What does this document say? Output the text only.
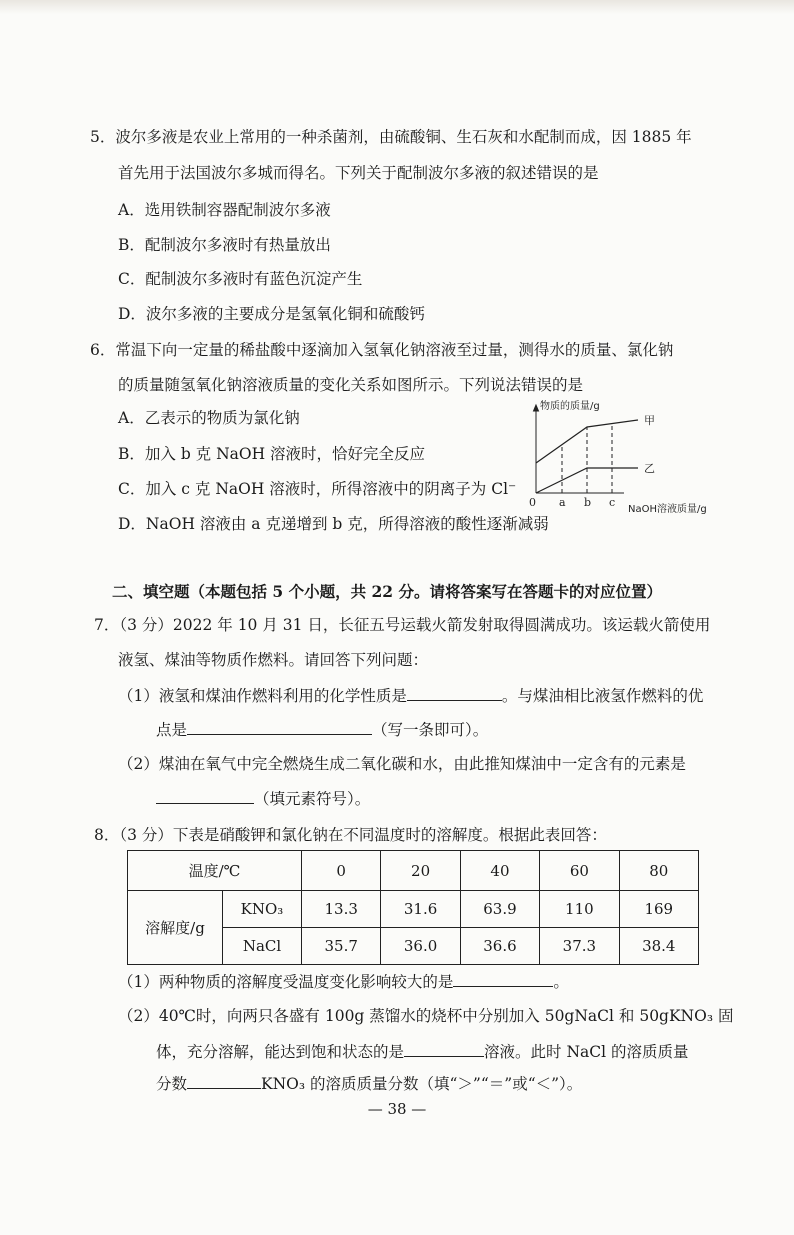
5．波尔多液是农业上常用的一种杀菌剂，由硫酸铜、生石灰和水配制而成，因 1885 年
首先用于法国波尔多城而得名。下列关于配制波尔多液的叙述错误的是
A．选用铁制容器配制波尔多液
B．配制波尔多液时有热量放出
C．配制波尔多液时有蓝色沉淀产生
D．波尔多液的主要成分是氢氧化铜和硫酸钙
6．常温下向一定量的稀盐酸中逐滴加入氢氧化钠溶液至过量，测得水的质量、氯化钠
的质量随氢氧化钠溶液质量的变化关系如图所示。下列说法错误的是
A．乙表示的物质为氯化钠
B．加入 b 克 NaOH 溶液时，恰好完全反应
C．加入 c 克 NaOH 溶液时，所得溶液中的阴离子为 Cl⁻
D．NaOH 溶液由 a 克递增到 b 克，所得溶液的酸性逐渐减弱
物质的质量/g
NaOH溶液质量/g
0 a b c
甲
乙
二、填空题（本题包括 5 个小题，共 22 分。请将答案写在答题卡的对应位置）
7．（3 分）2022 年 10 月 31 日，长征五号运载火箭发射取得圆满成功。该运载火箭使用
液氢、煤油等物质作燃料。请回答下列问题：
（1）液氢和煤油作燃料利用的化学性质是	。与煤油相比液氢作燃料的优
点是	（写一条即可）。
（2）煤油在氧气中完全燃烧生成二氧化碳和水，由此推知煤油中一定含有的元素是
（填元素符号）。
8．（3 分）下表是硝酸钾和氯化钠在不同温度时的溶解度。根据此表回答：
温度/℃		0	20	40	60	80
溶解度/g	KNO₃	13.3	31.6	63.9	110	169
	NaCl	35.7	36.0	36.6	37.3	38.4
（1）两种物质的溶解度受温度变化影响较大的是	。
（2）40℃时，向两只各盛有 100g 蒸馏水的烧杯中分别加入 50gNaCl 和 50gKNO₃ 固
体，充分溶解，能达到饱和状态的是	溶液。此时 NaCl 的溶质质量
分数	KNO₃ 的溶质质量分数（填“＞”“＝”或“＜”）。
— 38 —
